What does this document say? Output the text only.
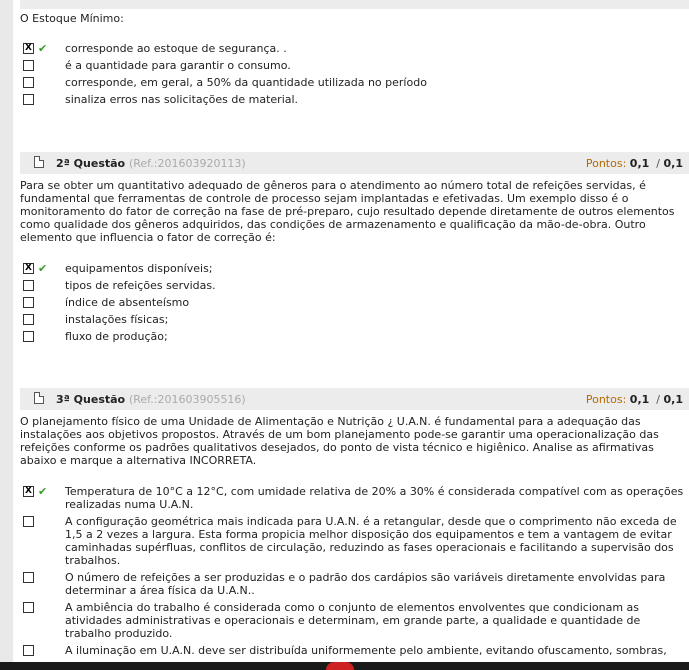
O Estoque Mínimo:
X ✔ corresponde ao estoque de segurança. .
é a quantidade para garantir o consumo.
corresponde, em geral, a 50% da quantidade utilizada no período
sinaliza erros nas solicitações de material.
2ª Questão (Ref.:201603920113)	Pontos: 0,1  / 0,1
Para se obter um quantitativo adequado de gêneros para o atendimento ao número total de refeições servidas, é fundamental que ferramentas de controle de processo sejam implantadas e efetivadas. Um exemplo disso é o monitoramento do fator de correção na fase de pré-preparo, cujo resultado depende diretamente de outros elementos como qualidade dos gêneros adquiridos, das condições de armazenamento e qualificação da mão-de-obra. Outro elemento que influencia o fator de correção é:
X ✔ equipamentos disponíveis;
tipos de refeições servidas.
índice de absenteísmo
instalações físicas;
fluxo de produção;
3ª Questão (Ref.:201603905516)	Pontos: 0,1  / 0,1
O planejamento físico de uma Unidade de Alimentação e Nutrição ¿ U.A.N. é fundamental para a adequação das instalações aos objetivos propostos. Através de um bom planejamento pode-se garantir uma operacionalização das refeições conforme os padrões qualitativos desejados, do ponto de vista técnico e higiênico. Analise as afirmativas abaixo e marque a alternativa INCORRETA.
X ✔ Temperatura de 10°C a 12°C, com umidade relativa de 20% a 30% é considerada compatível com as operações realizadas numa U.A.N.
A configuração geométrica mais indicada para U.A.N. é a retangular, desde que o comprimento não exceda de 1,5 a 2 vezes a largura. Esta forma propicia melhor disposição dos equipamentos e tem a vantagem de evitar caminhadas supérfluas, conflitos de circulação, reduzindo as fases operacionais e facilitando a supervisão dos trabalhos.
O número de refeições a ser produzidas e o padrão dos cardápios são variáveis diretamente envolvidas para determinar a área física da U.A.N..
A ambiência do trabalho é considerada como o conjunto de elementos envolventes que condicionam as atividades administrativas e operacionais e determinam, em grande parte, a qualidade e quantidade de trabalho produzido.
A iluminação em U.A.N. deve ser distribuída uniformemente pelo ambiente, evitando ofuscamento, sombras,
